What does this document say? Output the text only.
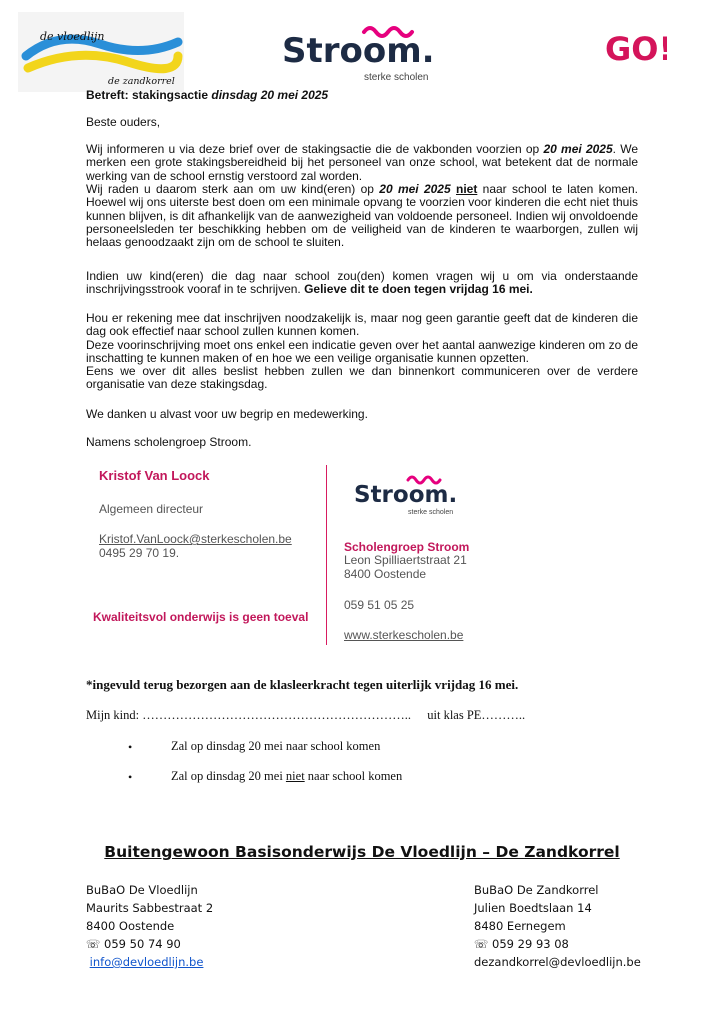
de vloedlijn
de zandkorrel
Stroom.
sterke scholen
GO!
Betreft: stakingsactie dinsdag 20 mei 2025
Beste ouders,
Wij informeren u via deze brief over de stakingsactie die de vakbonden voorzien op 20 mei 2025. We merken een grote stakingsbereidheid bij het personeel van onze school, wat betekent dat de normale werking van de school ernstig verstoord zal worden.
Wij raden u daarom sterk aan om uw kind(eren) op 20 mei 2025 niet naar school te laten komen. Hoewel wij ons uiterste best doen om een minimale opvang te voorzien voor kinderen die echt niet thuis kunnen blijven, is dit afhankelijk van de aanwezigheid van voldoende personeel. Indien wij onvoldoende personeelsleden ter beschikking hebben om de veiligheid van de kinderen te waarborgen, zullen wij helaas genoodzaakt zijn om de school te sluiten.
Indien uw kind(eren) die dag naar school zou(den) komen vragen wij u om via onderstaande inschrijvingsstrook vooraf in te schrijven. Gelieve dit te doen tegen vrijdag 16 mei.
Hou er rekening mee dat inschrijven noodzakelijk is, maar nog geen garantie geeft dat de kinderen die dag ook effectief naar school zullen kunnen komen.
Deze voorinschrijving moet ons enkel een indicatie geven over het aantal aanwezige kinderen om zo de inschatting te kunnen maken of en hoe we een veilige organisatie kunnen opzetten.
Eens we over dit alles beslist hebben zullen we dan binnenkort communiceren over de verdere organisatie van deze stakingsdag.
We danken u alvast voor uw begrip en medewerking.
Namens scholengroep Stroom.
Kristof Van Loock
Algemeen directeur
Kristof.VanLoock@sterkescholen.be
0495 29 70 19.
Kwaliteitsvol onderwijs is geen toeval
Stroom.
sterke scholen
Scholengroep Stroom
Leon Spilliaertstraat 21
8400 Oostende
059 51 05 25
www.sterkescholen.be
*ingevuld terug bezorgen aan de klasleerkracht tegen uiterlijk vrijdag 16 mei.
Mijn kind: ……………………………………………………….. uit klas PE………..
•	Zal op dinsdag 20 mei naar school komen
•	Zal op dinsdag 20 mei niet naar school komen
Buitengewoon Basisonderwijs De Vloedlijn – De Zandkorrel
BuBaO De Vloedlijn
Maurits Sabbestraat 2
8400 Oostende
☏ 059 50 74 90
info@devloedlijn.be
BuBaO De Zandkorrel
Julien Boedtslaan 14
8480 Eernegem
☏ 059 29 93 08
dezandkorrel@devloedlijn.be
